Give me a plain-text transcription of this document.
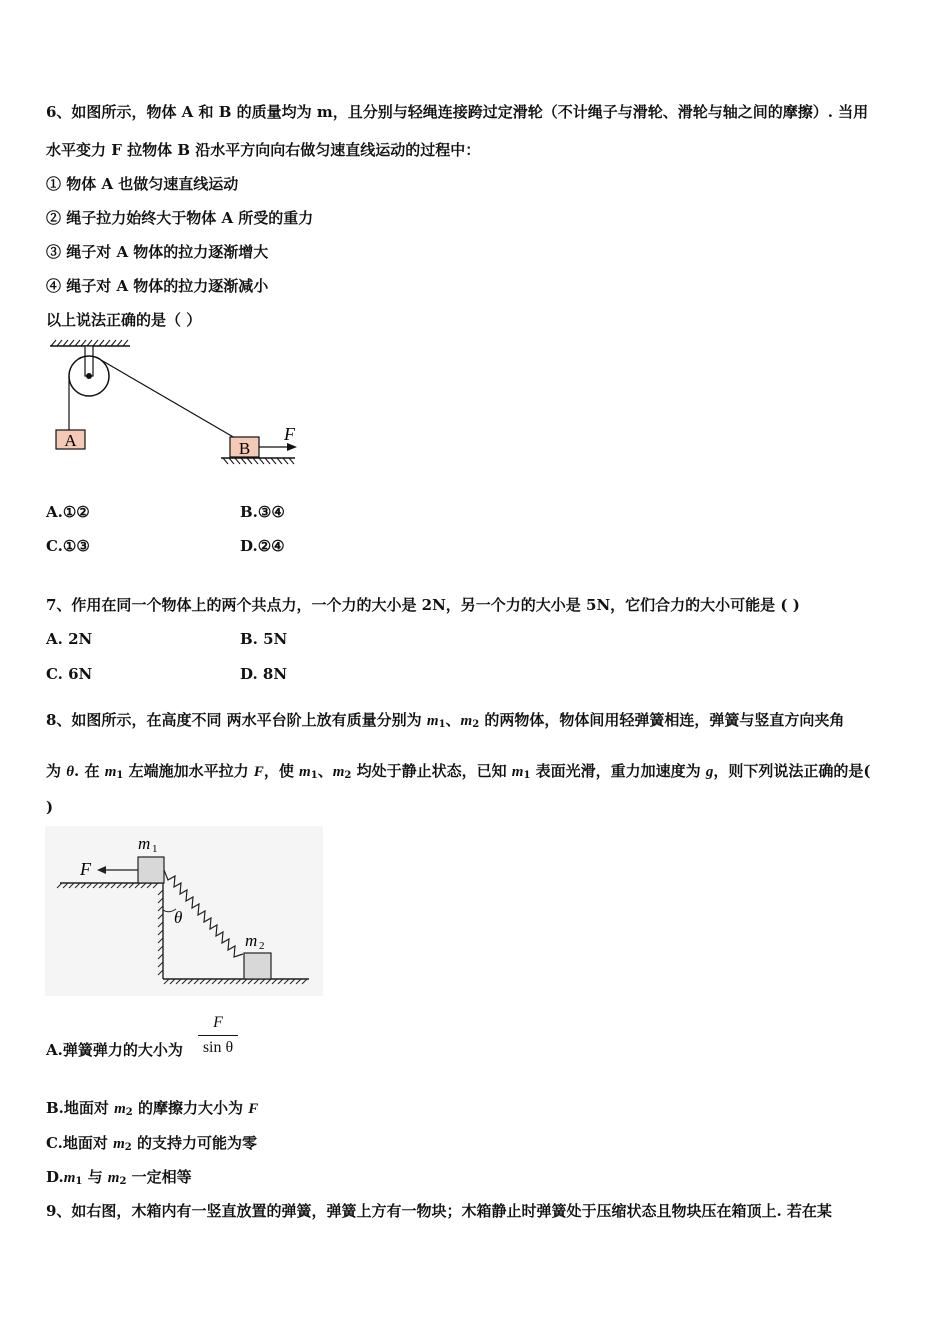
6、如图所示，物体 A 和 B 的质量均为 m，且分别与轻绳连接跨过定滑轮（不计绳子与滑轮、滑轮与轴之间的摩擦）. 当用
水平变力 F 拉物体 B 沿水平方向向右做匀速直线运动的过程中：
① 物体 A 也做匀速直线运动
② 绳子拉力始终大于物体 A 所受的重力
③ 绳子对 A 物体的拉力逐渐增大
④ 绳子对 A 物体的拉力逐渐减小
以上说法正确的是（ ）
A	B
F
A.①②	B.③④
C.①③	D.②④
7、作用在同一个物体上的两个共点力，一个力的大小是 2N，另一个力的大小是 5N，它们合力的大小可能是 ( )
A. 2N	B. 5N
C. 6N	D. 8N
8、如图所示，在高度不同 两水平台阶上放有质量分别为 $m_1$、$m_2$ 的两物体，物体间用轻弹簧相连，弹簧与竖直方向夹角
为 θ. 在 $m_1$ 左端施加水平拉力 F，使 $m_1$、$m_2$ 均处于静止状态，已知 $m_1$ 表面光滑，重力加速度为 g，则下列说法正确的是(
)
θ
F
m 1
m 2
A.弹簧弹力的大小为 $\frac{F}{\text{sin θ}}$
B.地面对 $m_2$ 的摩擦力大小为 F
C.地面对 $m_2$ 的支持力可能为零
$D.m_1$ 与 $m_2$ 一定相等
9、如右图，木箱内有一竖直放置的弹簧，弹簧上方有一物块；木箱静止时弹簧处于压缩状态且物块压在箱顶上. 若在某
